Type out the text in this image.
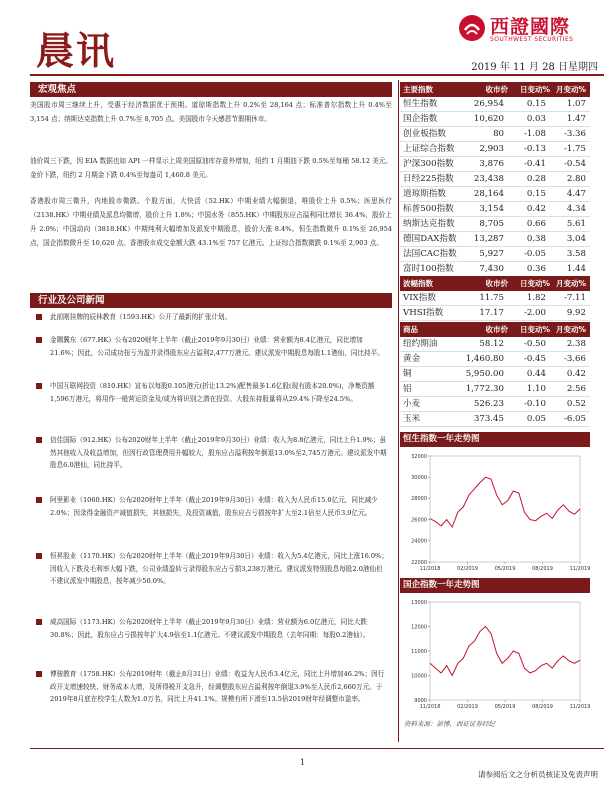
晨讯
西證國際
SOUTHWEST SECURITIES
2019 年 11 月 28 日星期四
宏观焦点
美国股市周三继续上升，受惠于经济数据优于预期。道琼斯指数上升 0.2%至 28,164 点；标准普尔指数上升 0.4%至 3,154 点；纳斯达克指数上升 0.7%至 8,705 点。美国股市今天感恩节假期休市。
油价周三下跌，因 EIA 数据也如 API 一样显示上周美国原油库存意外增加，纽约 1 月期油下跌 0.5%至每桶 58.12 美元。金价下跌，纽约 2 月期金下跌 0.4%至每盎司 1,460.8 美元。
香港股市周三微升，内地股市微跌。个股方面，大快活（52.HK）中期业绩大幅倒退，唯股价上升 0.5%；医思医疗（2138.HK）中期业绩及派息均微增，股价上升 1.8%；中国水务（855.HK）中期股东应占溢利同比增长 36.4%，股价上升 2.0%；中国动向（3818.HK）中期纯利大幅增加及派发中期股息，股价大涨 8.4%。恒生指数微升 0.1%至 26,954 点，国企指数微升至 10,620 点。香港股市成交金额大跌 43.1%至 757 亿港元。上证综合指数微跌 0.1%至 2,903 点。
行业及公司新闻
此前刚挂牌的辰林教育（1593.HK）公开了最新的扩张计划。
金隅冀东（677.HK）公布2020财年上半年（截止2019年9月30日）业绩：营业额为8.4亿港元，同比增加21.6%；因此，公司成功扭亏为盈并录得股东应占溢利2,477万港元。建议派发中期股息每股1.1港仙，同比持平。
中国互联网投资（810.HK）宣布以每股0.105港元(折让13.2%)配售最多1.6亿股(现有股本20.0%)，净集资额1,596万港元，将用作一般营运资金及/或为将识别之潜在投资。大股东持股量将从29.4%下降至24.5%。
信佳国际（912.HK）公布2020财年上半年（截止2019年9月30日）业绩：收入为8.8亿港元，同比上升1.9%；虽然其他收入及收益增加，但因行政管理费用升幅较大，股东应占溢利按年倒退13.0%至2,745万港元。建议派发中期股息6.0港仙，同比持平。
阿里影业（1060.HK）公布2020财年上半年（截止2019年9月30日）业绩：收入为人民币15.0亿元，同比减少2.0%；因录得金融资产减值损失，其他损失，及投资减值，股东应占亏损按年扩大至2.1倍至人民币3.9亿元。
恒昇股业（1170.HK）公布2020财年上半年（截止2019年9月30日）业绩：收入为5.4亿港元，同比上涨16.0%；因收入下跌及毛利率大幅下跌，公司业绩盈转亏录得股东应占亏损3,238万港元。建议派发特别股息每股2.0港仙但不建议派发中期股息，按年减少50.0%。
威高国际（1173.HK）公布2020财年上半年（截止2019年9月30日）业绩：营业额为6.0亿港元，同比大跌30.8%；因此，股东应占亏损按年扩大4.9倍至1.1亿港元。不建议派发中期股息（去年同期：每股0.2港仙）。
博骏教育（1758.HK）公布2019财年（截止8月31日）业绩：收益为人民币3.4亿元，同比上升增加46.2%；因行政开支增速较快、财务成本大增，及所得税开支急升，经调整股东应占溢利按年倒退3.9%至人民币2,660万元。于2019年8月底在校学生人数为1.0万名，同比上升41.1%。规模有所下滑至13.5倍2019财年经调整市盈率。
主要指数	收市价 日变动% 月变动%
恒生指数	26,954	0.15 1.07
国企指数	10,620	0.03 1.47
创业板指数	80 -1.08 -3.36
上证综合指数	2,903 -0.13 -1.75
沪深300指数	3,876 -0.41 -0.54
日经225指数 23,438	0.28 2.80
道琼斯指数	28,164	0.15 4.47
标普500指数	3,154	0.42 4.34
纳斯达克指数	8,705	0.66 5.61
德国DAX指数 13,287	0.38 3.04
法国CAC指数	5,927 -0.05 3.58
富时100指数	7,430	0.36 1.44
波幅指数	收市价 日变动% 月变动%
VIX指数	11.75	1.82 -7.11
VHSI指数	17.17 -2.00 9.92
商品	收市价 日变动% 月变动%
纽约期油	58.12 -0.50 2.38
黄金	1,460.80 -0.45 -3.66
铜	5,950.00	0.44 0.42
铝	1,772.30	1.10 2.56
小麦	526.23 -0.10 0.52
玉米	373.45	0.05 -6.05
恒生指数一年走势图
22000
24000
26000
28000
30000
32000
11/2018	02/2019	05/2019	08/2019	11/2019
国企指数一年走势图
9000
10000
11000
12000
13000
11/2018	02/2019	05/2019	08/2019	11/2019
资料来源：彭博，西证证券经纪
1
请参阅后文之分析员核证及免责声明
